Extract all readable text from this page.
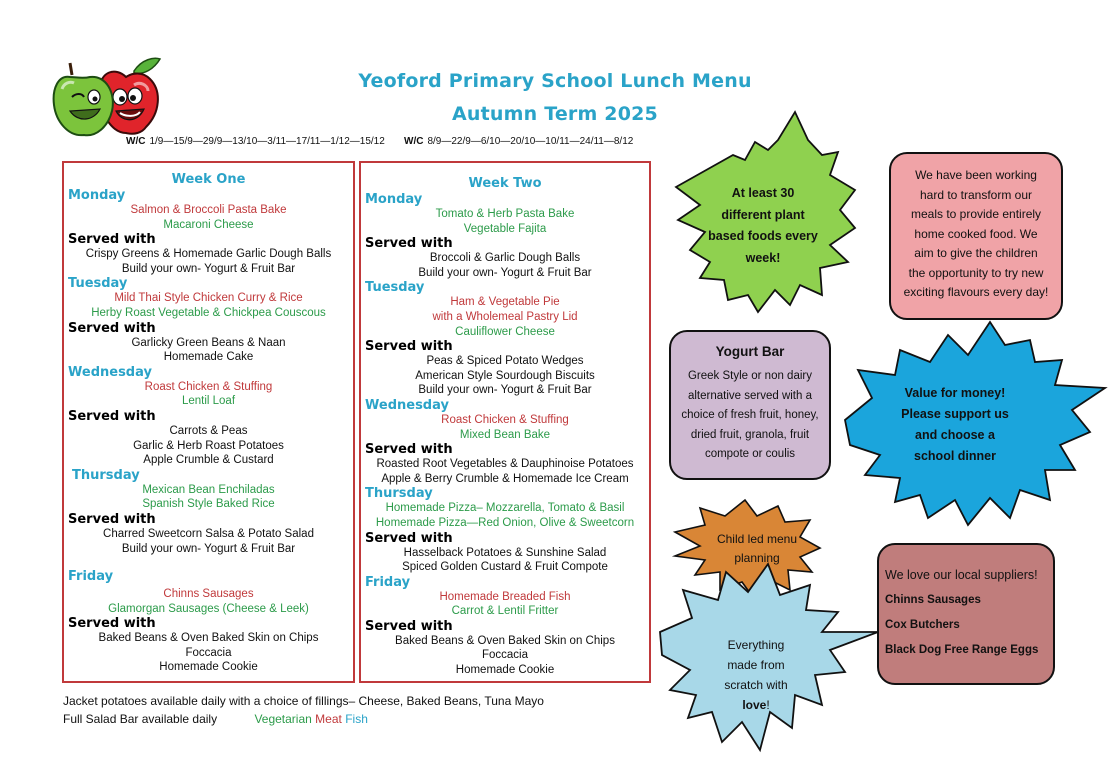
Yeoford Primary School Lunch Menu
Autumn Term 2025
W/C 1/9—15/9—29/9—13/10—3/11—17/11—1/12—15/12 W/C 8/9—22/9—6/10—20/10—10/11—24/11—8/12
Week One
Monday
Salmon & Broccoli Pasta Bake
Macaroni Cheese
Served with
Crispy Greens & Homemade Garlic Dough Balls
Build your own- Yogurt & Fruit Bar
Tuesday
Mild Thai Style Chicken Curry & Rice
Herby Roast Vegetable & Chickpea Couscous
Served with
Garlicky Green Beans & Naan
Homemade Cake
Wednesday
Roast Chicken & Stuffing
Lentil Loaf
Served with
Carrots & Peas
Garlic & Herb Roast Potatoes
Apple Crumble & Custard
Thursday
Mexican Bean Enchiladas
Spanish Style Baked Rice
Served with
Charred Sweetcorn Salsa & Potato Salad
Build your own- Yogurt & Fruit Bar
Friday
Chinns Sausages
Glamorgan Sausages (Cheese & Leek)
Served with
Baked Beans & Oven Baked Skin on Chips
Foccacia
Homemade Cookie
Week Two
Monday
Tomato & Herb Pasta Bake
Vegetable Fajita
Served with
Broccoli & Garlic Dough Balls
Build your own- Yogurt & Fruit Bar
Tuesday
Ham & Vegetable Pie
with a Wholemeal Pastry Lid
Cauliflower Cheese
Served with
Peas & Spiced Potato Wedges
American Style Sourdough Biscuits
Build your own- Yogurt & Fruit Bar
Wednesday
Roast Chicken & Stuffing
Mixed Bean Bake
Served with
Roasted Root Vegetables & Dauphinoise Potatoes
Apple & Berry Crumble & Homemade Ice Cream
Thursday
Homemade Pizza– Mozzarella, Tomato & Basil
Homemade Pizza—Red Onion, Olive & Sweetcorn
Served with
Hasselback Potatoes & Sunshine Salad
Spiced Golden Custard & Fruit Compote
Friday
Homemade Breaded Fish
Carrot & Lentil Fritter
Served with
Baked Beans & Oven Baked Skin on Chips
Foccacia
Homemade Cookie
Jacket potatoes available daily with a choice of fillings– Cheese, Baked Beans, Tuna Mayo
Full Salad Bar available daily	Vegetarian Meat Fish
At least 30
different plant
based foods every
week!
Value for money!
Please support us
and choose a
school dinner
Child led menu
planning
Everything
made from
scratch with
love!
We have been working
hard to transform our
meals to provide entirely
home cooked food. We
aim to give the children
the opportunity to try new
exciting flavours every day!
Yogurt Bar
Greek Style or non dairy
alternative served with a
choice of fresh fruit, honey,
dried fruit, granola, fruit
compote or coulis
We love our local suppliers!
Chinns Sausages
Cox Butchers
Black Dog Free Range Eggs
